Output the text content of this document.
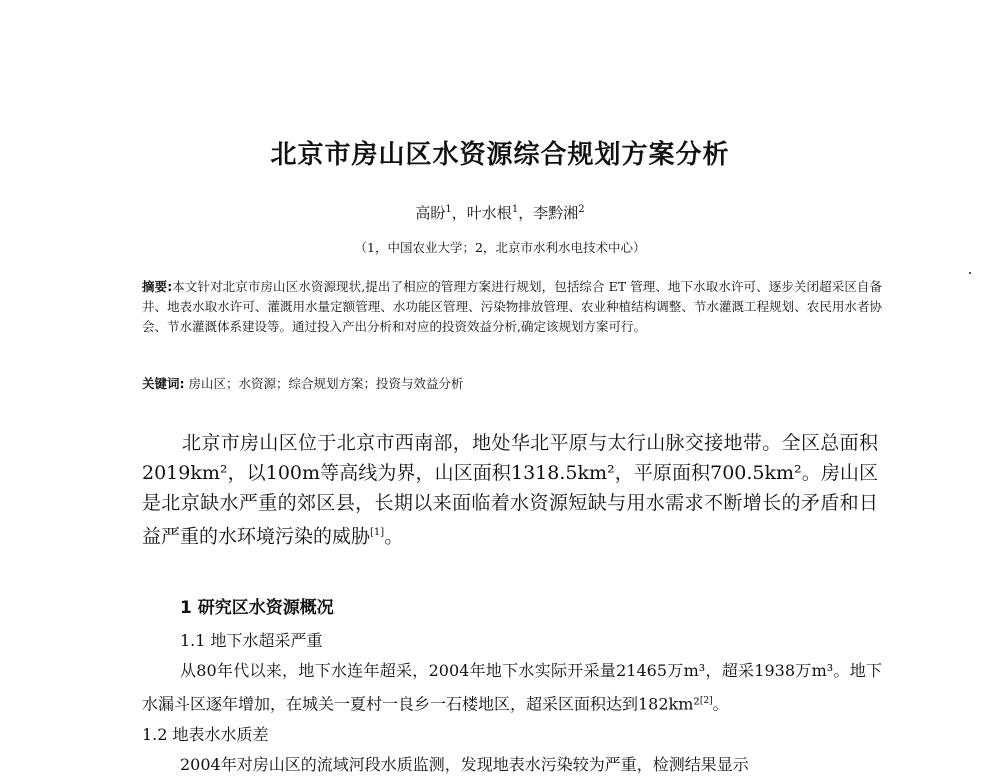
北京市房山区水资源综合规划方案分析
高盼$^1$，叶水根$^1$，李黔湘$^2$
（1，中国农业大学；2，北京市水利水电技术中心）
摘要:本文针对北京市房山区水资源现状,提出了相应的管理方案进行规划，包括综合 ET 管理、地下水取水许可、逐步关闭超采区自备井、地表水取水许可、灌溉用水量定额管理、水功能区管理、污染物排放管理、农业种植结构调整、节水灌溉工程规划、农民用水者协会、节水灌溉体系建设等。通过投入产出分析和对应的投资效益分析,确定该规划方案可行。
关键词: 房山区；水资源；综合规划方案；投资与效益分析
北京市房山区位于北京市西南部，地处华北平原与太行山脉交接地带。全区总面积2019km²，以100m等高线为界，山区面积1318.5km²，平原面积700.5km²。房山区是北京缺水严重的郊区县，长期以来面临着水资源短缺与用水需求不断增长的矛盾和日益严重的水环境污染的威胁[1]。
1 研究区水资源概况
1.1 地下水超采严重
从80年代以来，地下水连年超采，2004年地下水实际开采量21465万m³，超采1938万m³。地下水漏斗区逐年增加，在城关一夏村一良乡一石楼地区，超采区面积达到182km²[2]。
1.2 地表水水质差
2004年对房山区的流域河段水质监测，发现地表水污染较为严重，检测结果显示
